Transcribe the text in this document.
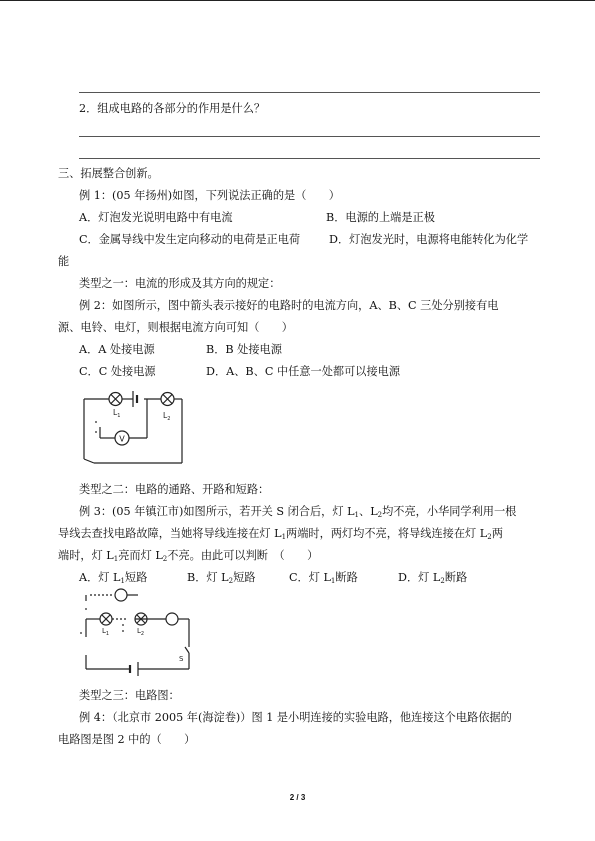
2．组成电路的各部分的作用是什么？
三、拓展整合创新。
例 1：(05 年扬州)如图，下列说法正确的是（　　）
A．灯泡发光说明电路中有电流	B．电源的上端是正极
C．金属导线中发生定向移动的电荷是正电荷	D．灯泡发光时，电源将电能转化为化学
能
类型之一：电流的形成及其方向的规定：
例 2：如图所示，图中箭头表示接好的电路时的电流方向，A、B、C 三处分别接有电
源、电铃、电灯，则根据电流方向可知（　　）
A．A 处接电源	B．B 处接电源
C．C 处接电源	D．A、B、C 中任意一处都可以接电源
V
$L_1$	$L_2$
类型之二：电路的通路、开路和短路：
例 3：(05 年镇江市)如图所示，若开关 S 闭合后，灯 $L_1$、$L_2$均不亮，小华同学利用一根
导线去查找电路故障，当她将导线连接在灯 $L_1$两端时，两灯均不亮，将导线连接在灯 $L_2$两
端时，灯 $L_1$亮而灯 $L_2$不亮。由此可以判断　（　　）
A．灯 $L_1$短路	B．灯 $L_2$短路	C．灯 $L_1$断路	D．灯 $L_2$断路
$L_1$	$L_2$
S
类型之三：电路图：
例 4：（北京市 2005 年(海淀卷)）图 1 是小明连接的实验电路，他连接这个电路依据的
电路图是图 2 中的（　　）
2 / 3
